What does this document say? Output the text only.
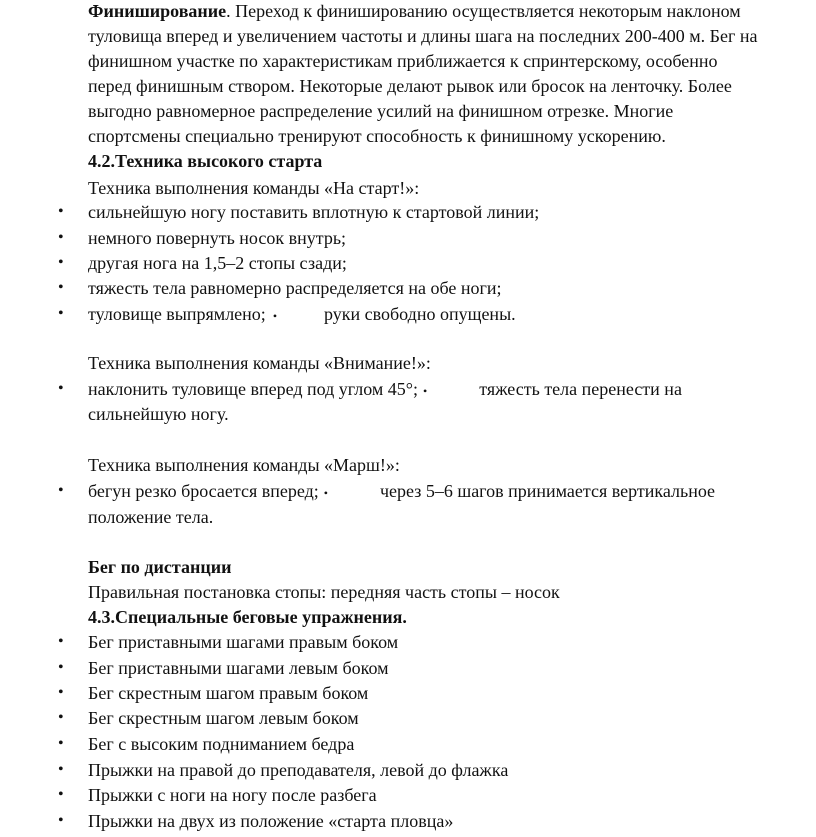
Финиширование. Переход к финишированию осуществляется некоторым наклоном
туловища вперед и увеличением частоты и длины шага на последних 200-400 м. Бег на
финишном участке по характеристикам приближается к спринтерскому, особенно
перед финишным створом. Некоторые делают рывок или бросок на ленточку. Более
выгодно равномерное распределение усилий на финишном отрезке. Многие
спортсмены специально тренируют способность к финишному ускорению.
4.2.Техника высокого старта
Техника выполнения команды «На старт!»:
• сильнейшую ногу поставить вплотную к стартовой линии;
• немного повернуть носок внутрь;
• другая нога на 1,5–2 стопы сзади;
• тяжесть тела равномерно распределяется на обе ноги;
• туловище выпрямлено; •	руки свободно опущены.
Техника выполнения команды «Внимание!»:
• наклонить туловище вперед под углом 45°; •	тяжесть тела перенести на
сильнейшую ногу.
Техника выполнения команды «Марш!»:
• бегун резко бросается вперед; •	через 5–6 шагов принимается вертикальное
положение тела.
Бег по дистанции
Правильная постановка стопы: передняя часть стопы – носок
4.3.Специальные беговые упражнения.
• Бег приставными шагами правым боком
• Бег приставными шагами левым боком
• Бег скрестным шагом правым боком
• Бег скрестным шагом левым боком
• Бег с высоким подниманием бедра
• Прыжки на правой до преподавателя, левой до флажка
• Прыжки с ноги на ногу после разбега
• Прыжки на двух из положение «старта пловца»
